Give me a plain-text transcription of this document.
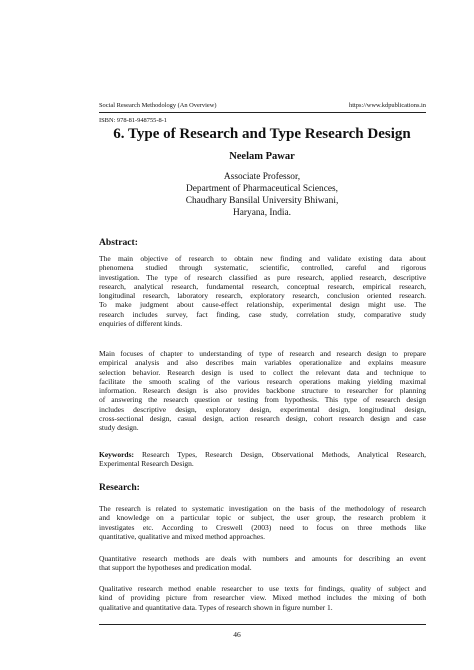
Social Research Methodology (An Overview)	https://www.kdpublications.in
ISBN: 978-81-948755-8-1
6. Type of Research and Type Research Design
Neelam Pawar
Associate Professor,
Department of Pharmaceutical Sciences,
Chaudhary Bansilal University Bhiwani,
Haryana, India.
Abstract:
The main objective of research to obtain new finding and validate existing data about
phenomena studied through systematic, scientific, controlled, careful and rigorous
investigation. The type of research classified as pure research, applied research, descriptive
research, analytical research, fundamental research, conceptual research, empirical research,
longitudinal research, laboratory research, exploratory research, conclusion oriented research.
To make judgment about cause-effect relationship, experimental design might use. The
research includes survey, fact finding, case study, correlation study, comparative study
enquiries of different kinds.
Main focuses of chapter to understanding of type of research and research design to prepare
empirical analysis and also describes main variables operationalize and explains measure
selection behavior. Research design is used to collect the relevant data and technique to
facilitate the smooth scaling of the various research operations making yielding maximal
information. Research design is also provides backbone structure to researcher for planning
of answering the research question or testing from hypothesis. This type of research design
includes descriptive design, exploratory design, experimental design, longitudinal design,
cross-sectional design, casual design, action research design, cohort research design and case
study design.
Keywords: Research Types, Research Design, Observational Methods, Analytical Research,
Experimental Research Design.
Research:
The research is related to systematic investigation on the basis of the methodology of research
and knowledge on a particular topic or subject, the user group, the research problem it
investigates etc. According to Creswell (2003) need to focus on three methods like
quantitative, qualitative and mixed method approaches.
Quantitative research methods are deals with numbers and amounts for describing an event
that support the hypotheses and predication modal.
Qualitative research method enable researcher to use texts for findings, quality of subject and
kind of providing picture from researcher view. Mixed method includes the mixing of both
qualitative and quantitative data. Types of research shown in figure number 1.
46
